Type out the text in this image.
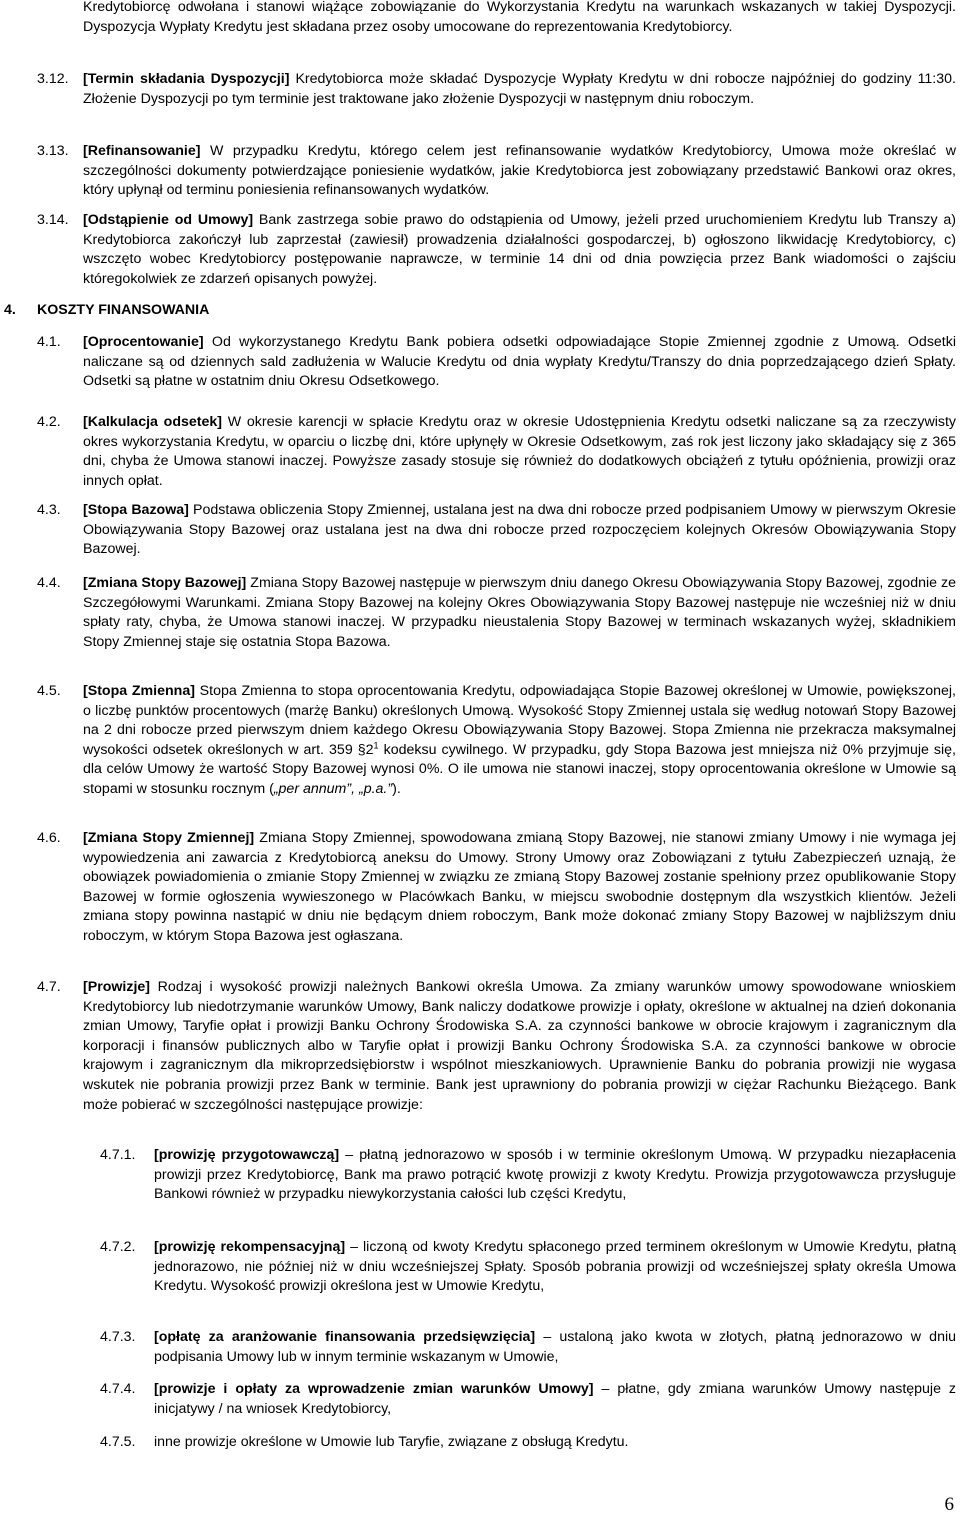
Kredytobiorcę odwołana i stanowi wiążące zobowiązanie do Wykorzystania Kredytu na warunkach wskazanych w takiej Dyspozycji. Dyspozycja Wypłaty Kredytu jest składana przez osoby umocowane do reprezentowania Kredytobiorcy.
3.12. [Termin składania Dyspozycji] Kredytobiorca może składać Dyspozycje Wypłaty Kredytu w dni robocze najpóźniej do godziny 11:30. Złożenie Dyspozycji po tym terminie jest traktowane jako złożenie Dyspozycji w następnym dniu roboczym.
3.13. [Refinansowanie] W przypadku Kredytu, którego celem jest refinansowanie wydatków Kredytobiorcy, Umowa może określać w szczególności dokumenty potwierdzające poniesienie wydatków, jakie Kredytobiorca jest zobowiązany przedstawić Bankowi oraz okres, który upłynął od terminu poniesienia refinansowanych wydatków.
3.14. [Odstąpienie od Umowy] Bank zastrzega sobie prawo do odstąpienia od Umowy, jeżeli przed uruchomieniem Kredytu lub Transzy a) Kredytobiorca zakończył lub zaprzestał (zawiesił) prowadzenia działalności gospodarczej, b) ogłoszono likwidację Kredytobiorcy, c) wszczęto wobec Kredytobiorcy postępowanie naprawcze, w terminie 14 dni od dnia powzięcia przez Bank wiadomości o zajściu któregokolwiek ze zdarzeń opisanych powyżej.
4. KOSZTY FINANSOWANIA
4.1. [Oprocentowanie] Od wykorzystanego Kredytu Bank pobiera odsetki odpowiadające Stopie Zmiennej zgodnie z Umową. Odsetki naliczane są od dziennych sald zadłużenia w Walucie Kredytu od dnia wypłaty Kredytu/Transzy do dnia poprzedzającego dzień Spłaty. Odsetki są płatne w ostatnim dniu Okresu Odsetkowego.
4.2. [Kalkulacja odsetek] W okresie karencji w spłacie Kredytu oraz w okresie Udostępnienia Kredytu odsetki naliczane są za rzeczywisty okres wykorzystania Kredytu, w oparciu o liczbę dni, które upłynęły w Okresie Odsetkowym, zaś rok jest liczony jako składający się z 365 dni, chyba że Umowa stanowi inaczej. Powyższe zasady stosuje się również do dodatkowych obciążeń z tytułu opóźnienia, prowizji oraz innych opłat.
4.3. [Stopa Bazowa] Podstawa obliczenia Stopy Zmiennej, ustalana jest na dwa dni robocze przed podpisaniem Umowy w pierwszym Okresie Obowiązywania Stopy Bazowej oraz ustalana jest na dwa dni robocze przed rozpoczęciem kolejnych Okresów Obowiązywania Stopy Bazowej.
4.4. [Zmiana Stopy Bazowej] Zmiana Stopy Bazowej następuje w pierwszym dniu danego Okresu Obowiązywania Stopy Bazowej, zgodnie ze Szczegółowymi Warunkami. Zmiana Stopy Bazowej na kolejny Okres Obowiązywania Stopy Bazowej następuje nie wcześniej niż w dniu spłaty raty, chyba, że Umowa stanowi inaczej. W przypadku nieustalenia Stopy Bazowej w terminach wskazanych wyżej, składnikiem Stopy Zmiennej staje się ostatnia Stopa Bazowa.
4.5. [Stopa Zmienna] Stopa Zmienna to stopa oprocentowania Kredytu, odpowiadająca Stopie Bazowej określonej w Umowie, powiększonej, o liczbę punktów procentowych (marżę Banku) określonych Umową. Wysokość Stopy Zmiennej ustala się według notowań Stopy Bazowej na 2 dni robocze przed pierwszym dniem każdego Okresu Obowiązywania Stopy Bazowej. Stopa Zmienna nie przekracza maksymalnej wysokości odsetek określonych w art. 359 $\S 2^1$ kodeksu cywilnego. W przypadku, gdy Stopa Bazowa jest mniejsza niż 0% przyjmuje się, dla celów Umowy że wartość Stopy Bazowej wynosi 0%. O ile umowa nie stanowi inaczej, stopy oprocentowania określone w Umowie są stopami w stosunku rocznym („per annum”, „p.a.”).
4.6. [Zmiana Stopy Zmiennej] Zmiana Stopy Zmiennej, spowodowana zmianą Stopy Bazowej, nie stanowi zmiany Umowy i nie wymaga jej wypowiedzenia ani zawarcia z Kredytobiorcą aneksu do Umowy. Strony Umowy oraz Zobowiązani z tytułu Zabezpieczeń uznają, że obowiązek powiadomienia o zmianie Stopy Zmiennej w związku ze zmianą Stopy Bazowej zostanie spełniony przez opublikowanie Stopy Bazowej w formie ogłoszenia wywieszonego w Placówkach Banku, w miejscu swobodnie dostępnym dla wszystkich klientów. Jeżeli zmiana stopy powinna nastąpić w dniu nie będącym dniem roboczym, Bank może dokonać zmiany Stopy Bazowej w najbliższym dniu roboczym, w którym Stopa Bazowa jest ogłaszana.
4.7. [Prowizje] Rodzaj i wysokość prowizji należnych Bankowi określa Umowa. Za zmiany warunków umowy spowodowane wnioskiem Kredytobiorcy lub niedotrzymanie warunków Umowy, Bank naliczy dodatkowe prowizje i opłaty, określone w aktualnej na dzień dokonania zmian Umowy, Taryfie opłat i prowizji Banku Ochrony Środowiska S.A. za czynności bankowe w obrocie krajowym i zagranicznym dla korporacji i finansów publicznych albo w Taryfie opłat i prowizji Banku Ochrony Środowiska S.A. za czynności bankowe w obrocie krajowym i zagranicznym dla mikroprzedsiębiorstw i wspólnot mieszkaniowych. Uprawnienie Banku do pobrania prowizji nie wygasa wskutek nie pobrania prowizji przez Bank w terminie. Bank jest uprawniony do pobrania prowizji w ciężar Rachunku Bieżącego. Bank może pobierać w szczególności następujące prowizje:
4.7.1. [prowizję przygotowawczą] – płatną jednorazowo w sposób i w terminie określonym Umową. W przypadku niezapłacenia prowizji przez Kredytobiorcę, Bank ma prawo potrącić kwotę prowizji z kwoty Kredytu. Prowizja przygotowawcza przysługuje Bankowi również w przypadku niewykorzystania całości lub części Kredytu,
4.7.2. [prowizję rekompensacyjną] – liczoną od kwoty Kredytu spłaconego przed terminem określonym w Umowie Kredytu, płatną jednorazowo, nie później niż w dniu wcześniejszej Spłaty. Sposób pobrania prowizji od wcześniejszej spłaty określa Umowa Kredytu. Wysokość prowizji określona jest w Umowie Kredytu,
4.7.3. [opłatę za aranżowanie finansowania przedsięwzięcia] – ustaloną jako kwota w złotych, płatną jednorazowo w dniu podpisania Umowy lub w innym terminie wskazanym w Umowie,
4.7.4. [prowizje i opłaty za wprowadzenie zmian warunków Umowy] – płatne, gdy zmiana warunków Umowy następuje z inicjatywy / na wniosek Kredytobiorcy,
4.7.5. inne prowizje określone w Umowie lub Taryfie, związane z obsługą Kredytu.
6
